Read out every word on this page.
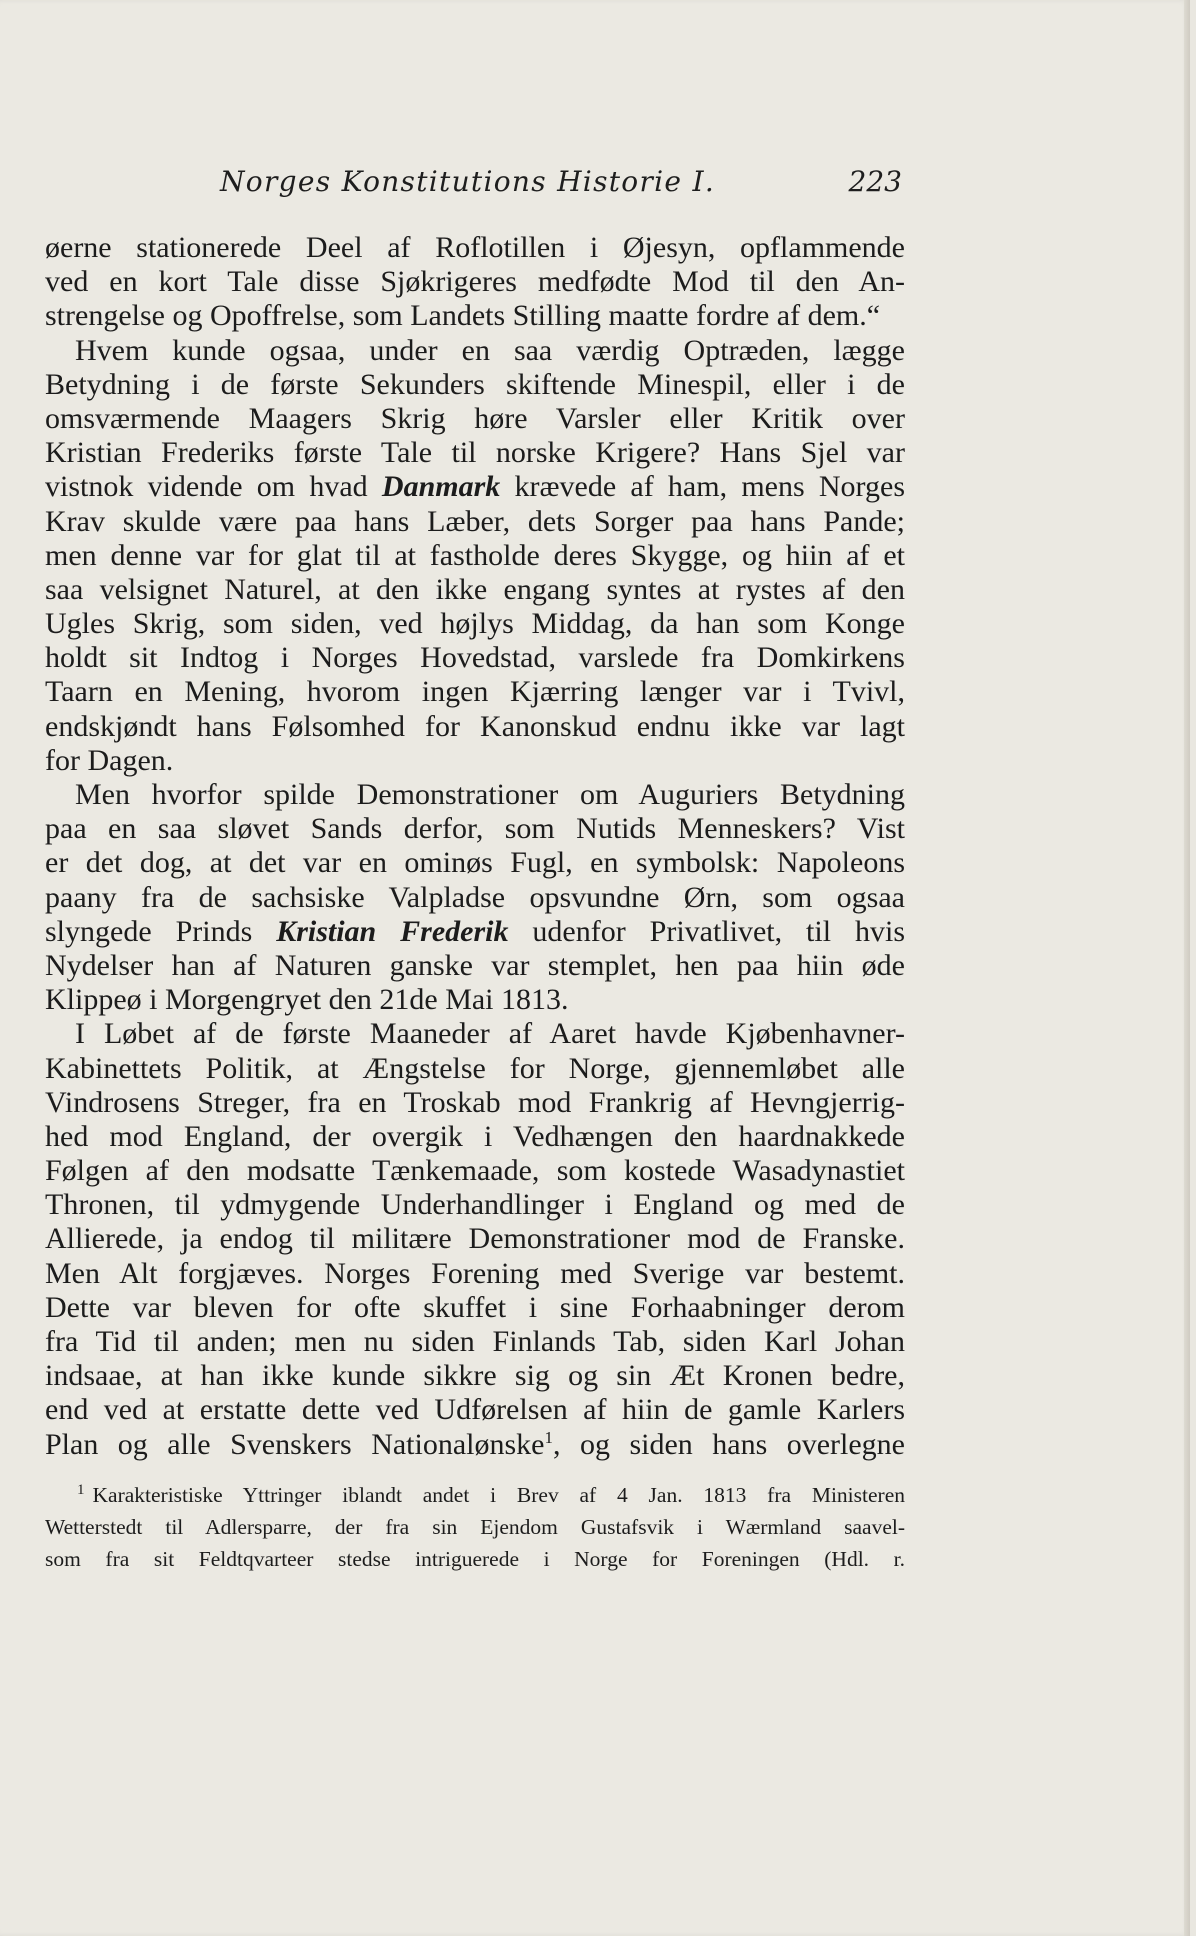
Norges Konstitutions Historie I.	223
øerne stationerede Deel af Roflotillen i Øjesyn, opflammende
ved en kort Tale disse Sjøkrigeres medfødte Mod til den An-
strengelse og Opoffrelse, som Landets Stilling maatte fordre af dem.“
Hvem kunde ogsaa, under en saa værdig Optræden, lægge
Betydning i de første Sekunders skiftende Minespil, eller i de
omsværmende Maagers Skrig høre Varsler eller Kritik over
Kristian Frederiks første Tale til norske Krigere? Hans Sjel var
vistnok vidende om hvad Danmark krævede af ham, mens Norges
Krav skulde være paa hans Læber, dets Sorger paa hans Pande;
men denne var for glat til at fastholde deres Skygge, og hiin af et
saa velsignet Naturel, at den ikke engang syntes at rystes af den
Ugles Skrig, som siden, ved højlys Middag, da han som Konge
holdt sit Indtog i Norges Hovedstad, varslede fra Domkirkens
Taarn en Mening, hvorom ingen Kjærring længer var i Tvivl,
endskjøndt hans Følsomhed for Kanonskud endnu ikke var lagt
for Dagen.
Men hvorfor spilde Demonstrationer om Auguriers Betydning
paa en saa sløvet Sands derfor, som Nutids Menneskers? Vist
er det dog, at det var en ominøs Fugl, en symbolsk: Napoleons
paany fra de sachsiske Valpladse opsvundne Ørn, som ogsaa
slyngede Prinds Kristian Frederik udenfor Privatlivet, til hvis
Nydelser han af Naturen ganske var stemplet, hen paa hiin øde
Klippeø i Morgengryet den 21de Mai 1813.
I Løbet af de første Maaneder af Aaret havde Kjøbenhavner-
Kabinettets Politik, at Ængstelse for Norge, gjennemløbet alle
Vindrosens Streger, fra en Troskab mod Frankrig af Hevngjerrig-
hed mod England, der overgik i Vedhængen den haardnakkede
Følgen af den modsatte Tænkemaade, som kostede Wasadynastiet
Thronen, til ydmygende Underhandlinger i England og med de
Allierede, ja endog til militære Demonstrationer mod de Franske.
Men Alt forgjæves. Norges Forening med Sverige var bestemt.
Dette var bleven for ofte skuffet i sine Forhaabninger derom
fra Tid til anden; men nu siden Finlands Tab, siden Karl Johan
indsaae, at han ikke kunde sikkre sig og sin Æt Kronen bedre,
end ved at erstatte dette ved Udførelsen af hiin de gamle Karlers
Plan og alle Svenskers Nationalønske$^1$, og siden hans overlegne
$^1$ Karakteristiske Yttringer iblandt andet i Brev af 4 Jan. 1813 fra Ministeren
Wetterstedt til Adlersparre, der fra sin Ejendom Gustafsvik i Wærmland saavel-
som fra sit Feldtqvarteer stedse intriguerede i Norge for Foreningen (Hdl. r.
